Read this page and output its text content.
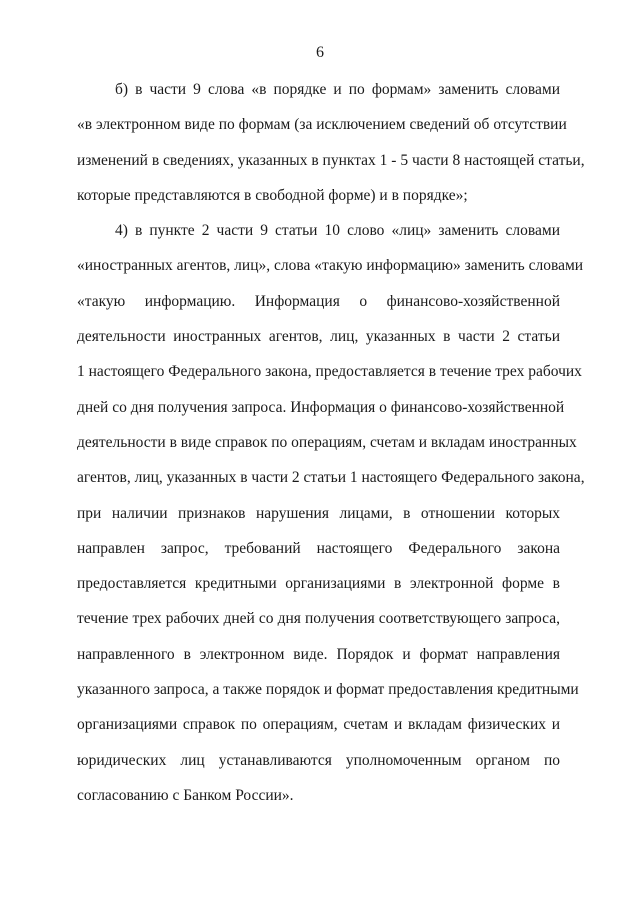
6
б) в части 9 слова «в порядке и по формам» заменить словами
«в электронном виде по формам (за исключением сведений об отсутствии
изменений в сведениях, указанных в пунктах 1 - 5 части 8 настоящей статьи,
которые представляются в свободной форме) и в порядке»;
4) в пункте 2 части 9 статьи 10 слово «лиц» заменить словами
«иностранных агентов, лиц», слова «такую информацию» заменить словами
«такую информацию. Информация о финансово-хозяйственной
деятельности иностранных агентов, лиц, указанных в части 2 статьи
1 настоящего Федерального закона, предоставляется в течение трех рабочих
дней со дня получения запроса. Информация о финансово-хозяйственной
деятельности в виде справок по операциям, счетам и вкладам иностранных
агентов, лиц, указанных в части 2 статьи 1 настоящего Федерального закона,
при наличии признаков нарушения лицами, в отношении которых
направлен запрос, требований настоящего Федерального закона
предоставляется кредитными организациями в электронной форме в
течение трех рабочих дней со дня получения соответствующего запроса,
направленного в электронном виде. Порядок и формат направления
указанного запроса, а также порядок и формат предоставления кредитными
организациями справок по операциям, счетам и вкладам физических и
юридических лиц устанавливаются уполномоченным органом по
согласованию с Банком России».
